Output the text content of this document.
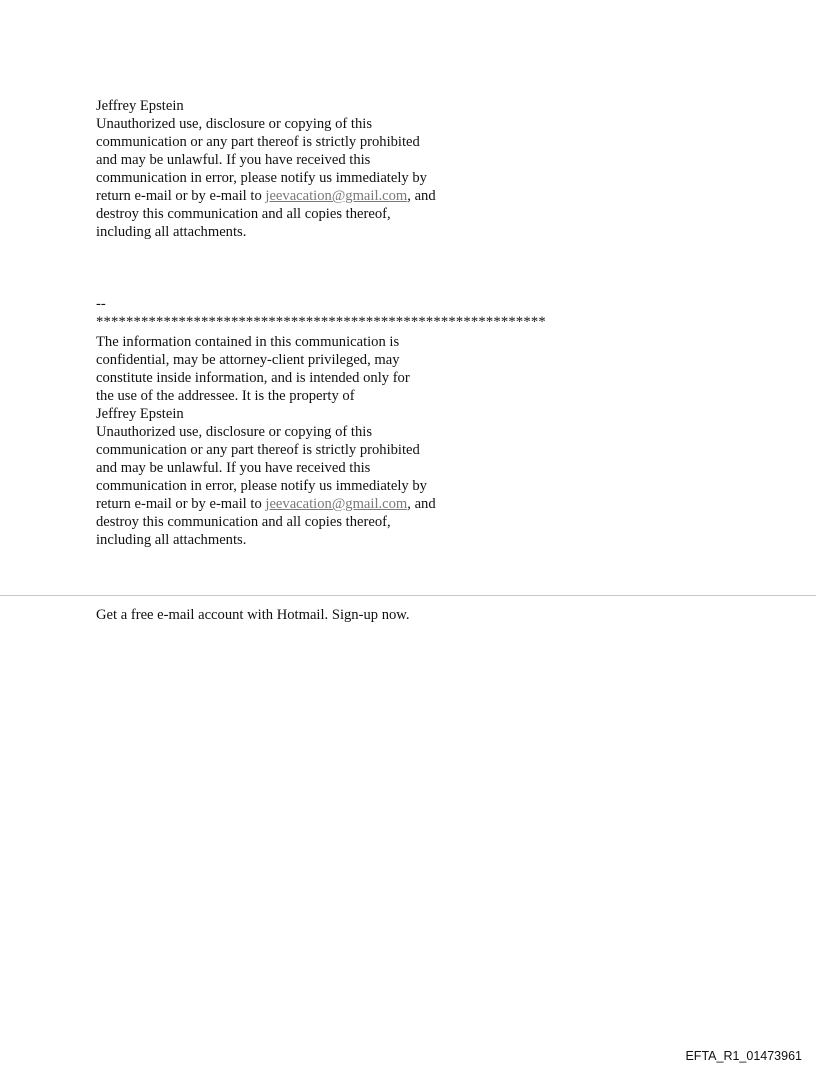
Jeffrey Epstein
Unauthorized use, disclosure or copying of this
communication or any part thereof is strictly prohibited
and may be unlawful. If you have received this
communication in error, please notify us immediately by
return e-mail or by e-mail to jeevacation@gmail.com, and
destroy this communication and all copies thereof,
including all attachments.
--
************************************************************
The information contained in this communication is
confidential, may be attorney-client privileged, may
constitute inside information, and is intended only for
the use of the addressee. It is the property of
Jeffrey Epstein
Unauthorized use, disclosure or copying of this
communication or any part thereof is strictly prohibited
and may be unlawful. If you have received this
communication in error, please notify us immediately by
return e-mail or by e-mail to jeevacation@gmail.com, and
destroy this communication and all copies thereof,
including all attachments.
Get a free e-mail account with Hotmail. Sign-up now.
EFTA_R1_01473961
